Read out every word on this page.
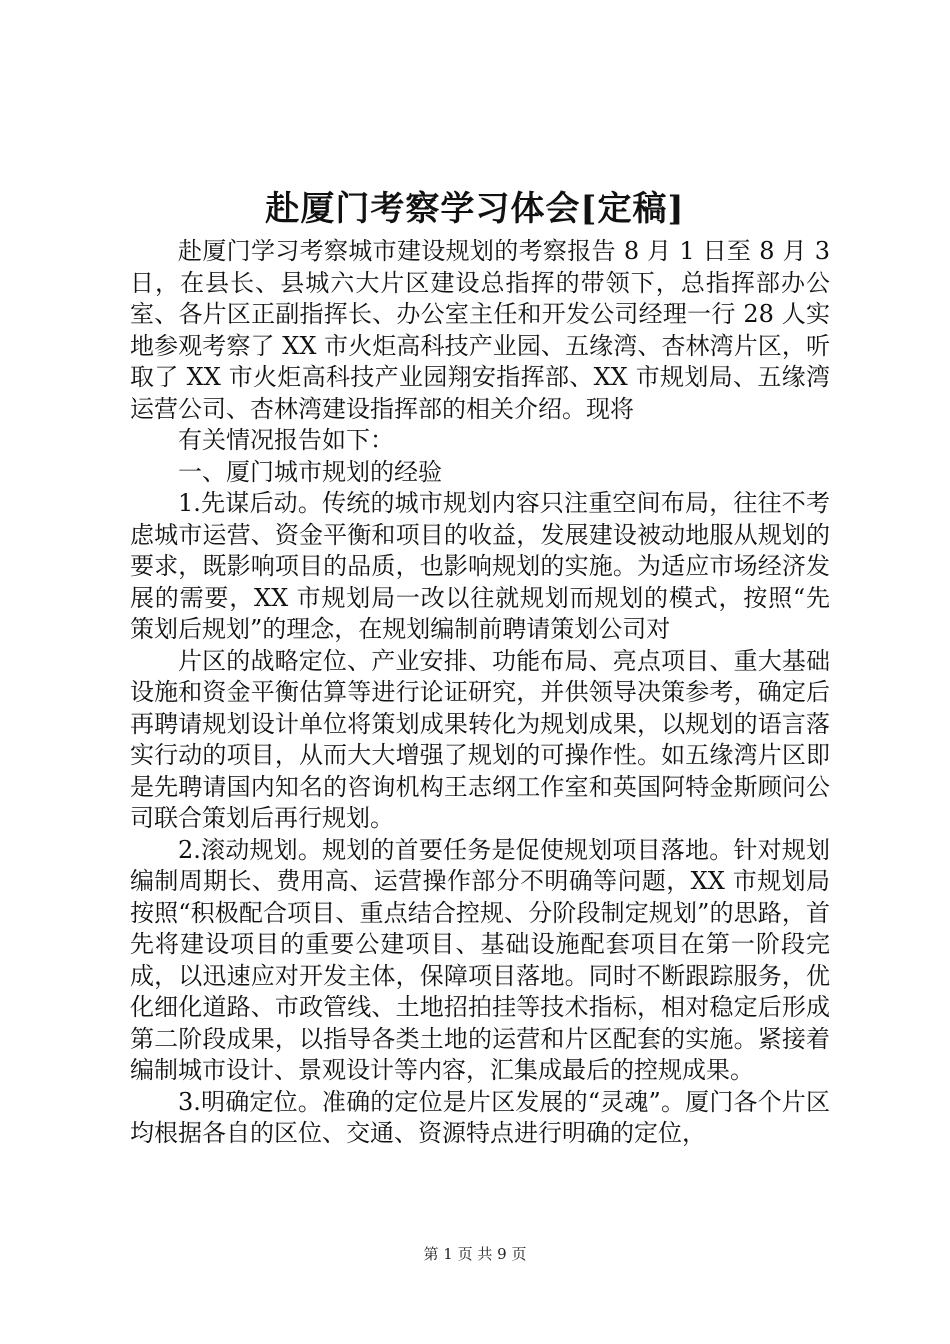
赴厦门考察学习体会[定稿]

赴厦门学习考察城市建设规划的考察报告 8 月 1 日至 8 月 3 日，在县长、县城六大片区建设总指挥的带领下，总指挥部办公室、各片区正副指挥长、办公室主任和开发公司经理一行 28 人实地参观考察了 XX 市火炬高科技产业园、五缘湾、杏林湾片区，听取了 XX 市火炬高科技产业园翔安指挥部、XX 市规划局、五缘湾运营公司、杏林湾建设指挥部的相关介绍。现将

有关情况报告如下：

一、厦门城市规划的经验

1.先谋后动。传统的城市规划内容只注重空间布局，往往不考虑城市运营、资金平衡和项目的收益，发展建设被动地服从规划的要求，既影响项目的品质，也影响规划的实施。为适应市场经济发展的需要，XX 市规划局一改以往就规划而规划的模式，按照“先策划后规划”的理念，在规划编制前聘请策划公司对

片区的战略定位、产业安排、功能布局、亮点项目、重大基础设施和资金平衡估算等进行论证研究，并供领导决策参考，确定后再聘请规划设计单位将策划成果转化为规划成果，以规划的语言落实行动的项目，从而大大增强了规划的可操作性。如五缘湾片区即是先聘请国内知名的咨询机构王志纲工作室和英国阿特金斯顾问公司联合策划后再行规划。

2.滚动规划。规划的首要任务是促使规划项目落地。针对规划编制周期长、费用高、运营操作部分不明确等问题，XX 市规划局按照“积极配合项目、重点结合控规、分阶段制定规划”的思路，首先将建设项目的重要公建项目、基础设施配套项目在第一阶段完成，以迅速应对开发主体，保障项目落地。同时不断跟踪服务，优化细化道路、市政管线、土地招拍挂等技术指标，相对稳定后形成第二阶段成果，以指导各类土地的运营和片区配套的实施。紧接着编制城市设计、景观设计等内容，汇集成最后的控规成果。

3.明确定位。准确的定位是片区发展的“灵魂”。厦门各个片区均根据各自的区位、交通、资源特点进行明确的定位，

第 1 页 共 9 页
